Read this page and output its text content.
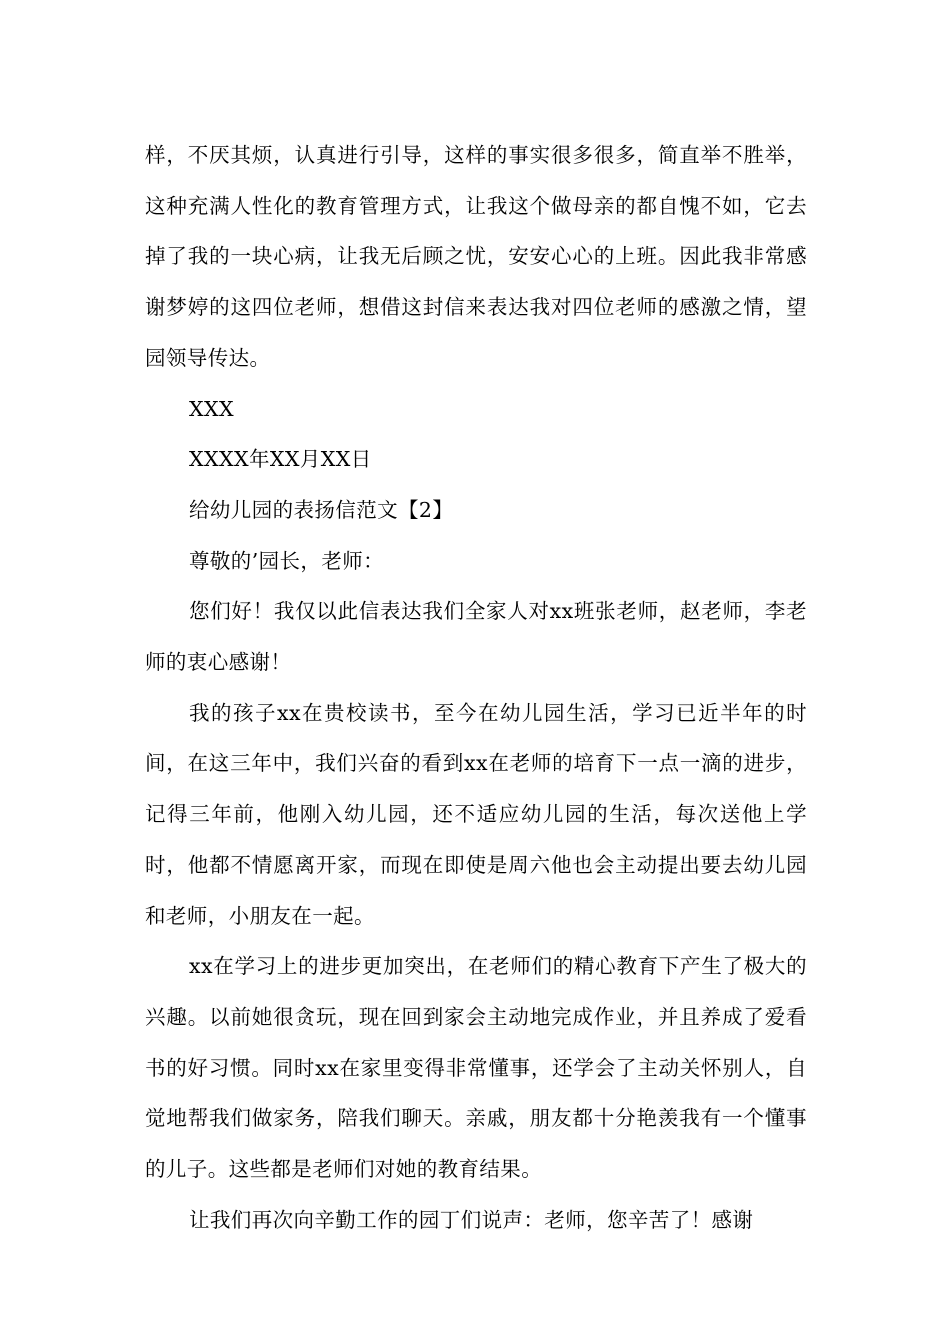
样，不厌其烦，认真进行引导，这样的事实很多很多，简直举不胜举，这种充满人性化的教育管理方式，让我这个做母亲的都自愧不如，它去掉了我的一块心病，让我无后顾之忧，安安心心的上班。因此我非常感谢梦婷的这四位老师，想借这封信来表达我对四位老师的感激之情，望园领导传达。

XXX

XXXX年XX月XX日

给幼儿园的表扬信范文【2】

尊敬的’园长，老师：

您们好！我仅以此信表达我们全家人对xx班张老师，赵老师，李老师的衷心感谢！

我的孩子xx在贵校读书，至今在幼儿园生活，学习已近半年的时间，在这三年中，我们兴奋的看到xx在老师的培育下一点一滴的进步，记得三年前，他刚入幼儿园，还不适应幼儿园的生活，每次送他上学时，他都不情愿离开家，而现在即使是周六他也会主动提出要去幼儿园和老师，小朋友在一起。

xx在学习上的进步更加突出，在老师们的精心教育下产生了极大的兴趣。以前她很贪玩，现在回到家会主动地完成作业，并且养成了爱看书的好习惯。同时xx在家里变得非常懂事，还学会了主动关怀别人，自觉地帮我们做家务，陪我们聊天。亲戚，朋友都十分艳羡我有一个懂事的儿子。这些都是老师们对她的教育结果。

让我们再次向辛勤工作的园丁们说声：老师，您辛苦了！感谢
